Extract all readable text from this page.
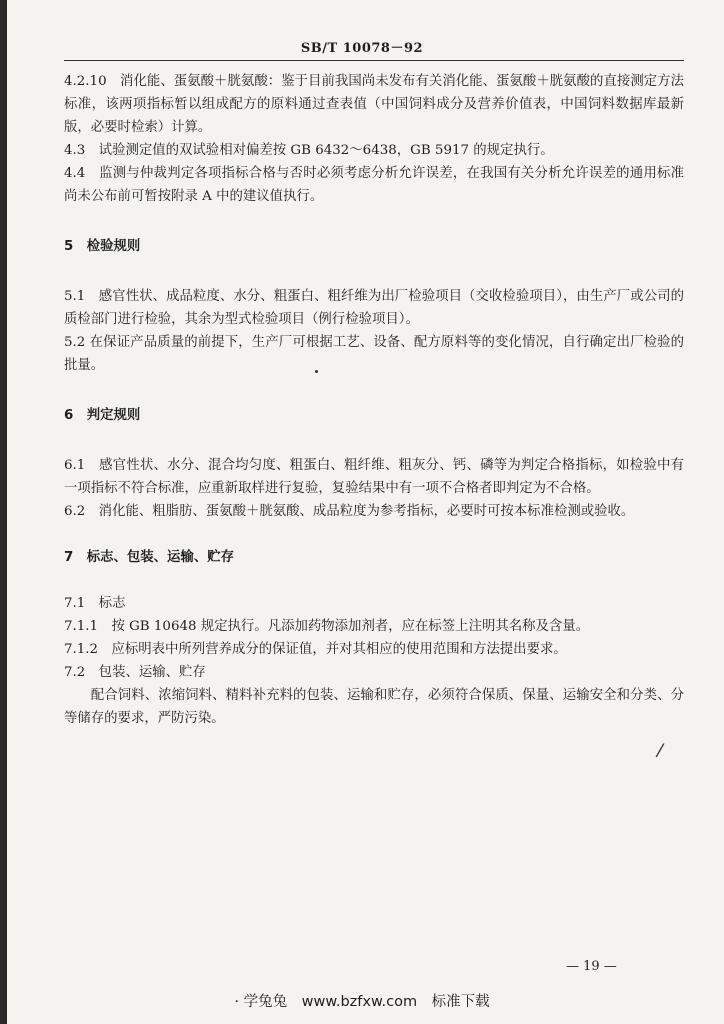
SB/T 10078－92

4.2.10　消化能、蛋氨酸＋胱氨酸：鉴于目前我国尚未发布有关消化能、蛋氨酸＋胱氨酸的直接测定方法标准，该两项指标暂以组成配方的原料通过查表值（中国饲料成分及营养价值表，中国饲料数据库最新版，必要时检索）计算。

4.3　试验测定值的双试验相对偏差按 GB 6432～6438，GB 5917 的规定执行。

4.4　监测与仲裁判定各项指标合格与否时必须考虑分析允许误差，在我国有关分析允许误差的通用标准尚未公布前可暂按附录 A 中的建议值执行。

5　检验规则

5.1　感官性状、成品粒度、水分、粗蛋白、粗纤维为出厂检验项目（交收检验项目），由生产厂或公司的质检部门进行检验，其余为型式检验项目（例行检验项目）。

5.2 在保证产品质量的前提下，生产厂可根据工艺、设备、配方原料等的变化情况，自行确定出厂检验的批量。

6　判定规则

6.1　感官性状、水分、混合均匀度、粗蛋白、粗纤维、粗灰分、钙、磷等为判定合格指标，如检验中有一项指标不符合标准，应重新取样进行复验，复验结果中有一项不合格者即判定为不合格。

6.2　消化能、粗脂肪、蛋氨酸＋胱氨酸、成品粒度为参考指标，必要时可按本标准检测或验收。

7　标志、包装、运输、贮存

7.1　标志

7.1.1　按 GB 10648 规定执行。凡添加药物添加剂者，应在标签上注明其名称及含量。

7.1.2　应标明表中所列营养成分的保证值，并对其相应的使用范围和方法提出要求。

7.2　包装、运输、贮存

配合饲料、浓缩饲料、精料补充料的包装、运输和贮存，必须符合保质、保量、运输安全和分类、分等储存的要求，严防污染。

/
— 19 —
· 学兔兔　www.bzfxw.com　标准下载
